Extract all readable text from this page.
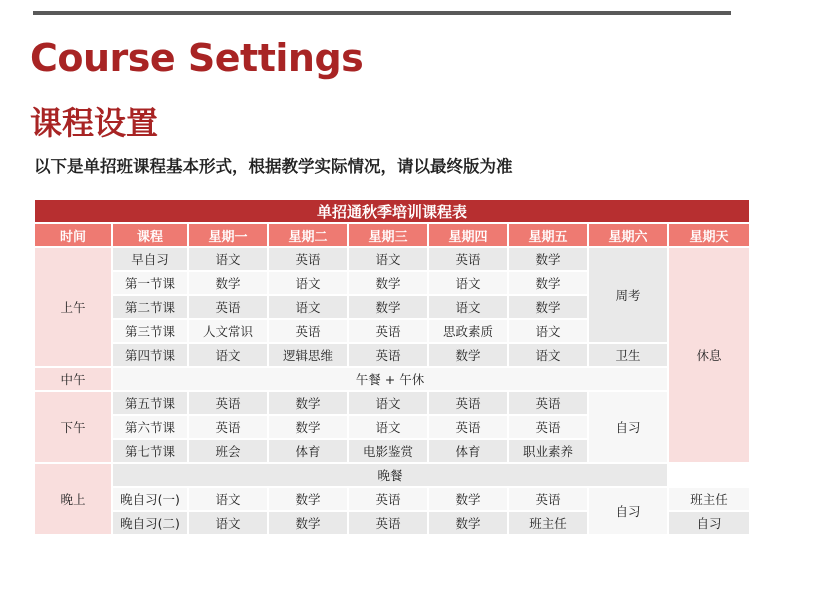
Course Settings
课程设置
以下是单招班课程基本形式，根据教学实际情况，请以最终版为准
单招通秋季培训课程表								
时间	课程	星期一	星期二	星期三	星期四	星期五	星期六	星期天
上午	早自习	语文	英语	语文	英语	数学	周考	休息
	第一节课	数学	语文	数学	语文	数学		
	第二节课	英语	语文	数学	语文	数学		
	第三节课	人文常识	英语	英语	思政素质	语文		
	第四节课	语文	逻辑思维	英语	数学	语文	卫生	
中午	午餐 + 午休							
下午	第五节课	英语	数学	语文	英语	英语	自习	
	第六节课	英语	数学	语文	英语	英语		
	第七节课	班会	体育	电影鉴赏	体育	职业素养		
晚上	晚餐							
	晚自习(一)	语文	数学	英语	数学	英语	自习	班主任
	晚自习(二)	语文	数学	英语	数学	班主任		自习
